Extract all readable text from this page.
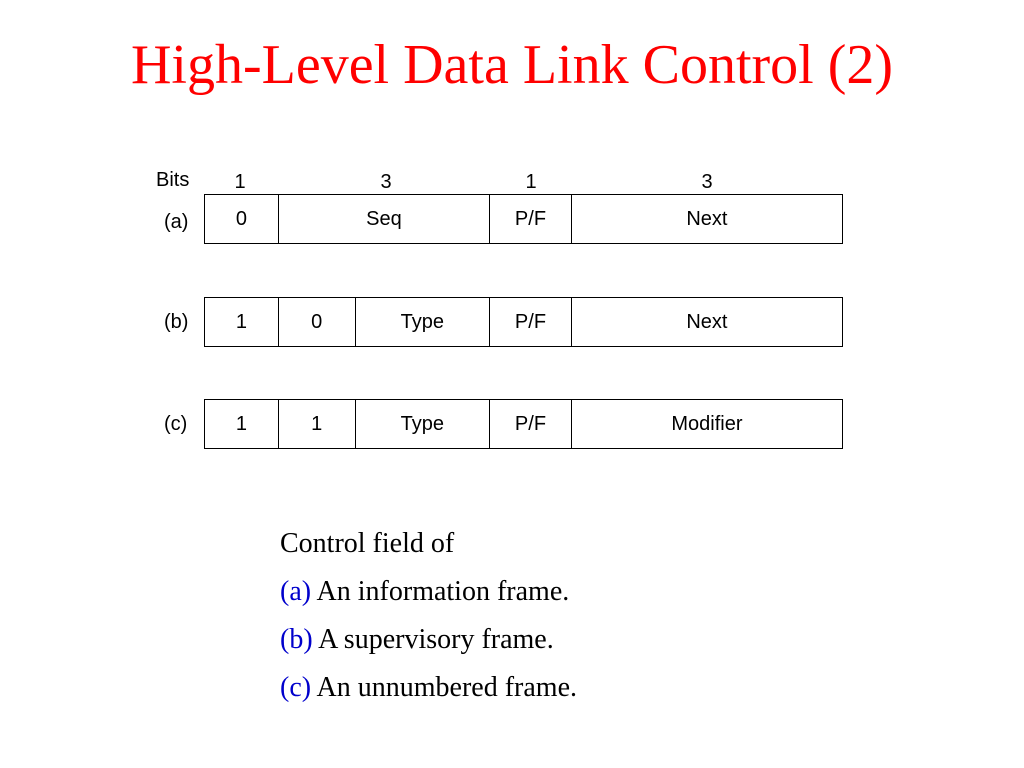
High-Level Data Link Control (2)
Bits	1	3	1	3
(a)	0	Seq	P/F	Next
(b)	1	0	Type	P/F	Next
(c)	1	1	Type	P/F	Modifier
Control field of
(a) An information frame.
(b) A supervisory frame.
(c) An unnumbered frame.
